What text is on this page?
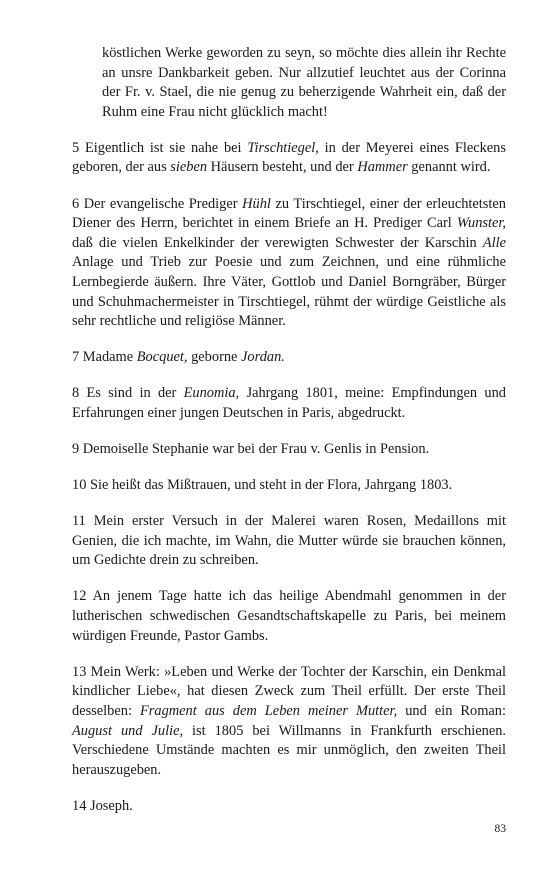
köstlichen Werke geworden zu seyn, so möchte dies allein ihr Rechte an unsre Dankbarkeit geben. Nur allzutief leuchtet aus der Corinna der Fr. v. Stael, die nie genug zu beherzigende Wahrheit ein, daß der Ruhm eine Frau nicht glücklich macht!

5 Eigentlich ist sie nahe bei Tirschtiegel, in der Meyerei eines Fleckens geboren, der aus sieben Häusern besteht, und der Hammer genannt wird.

6 Der evangelische Prediger Hühl zu Tirschtiegel, einer der erleuchtetsten Diener des Herrn, berichtet in einem Briefe an H. Prediger Carl Wunster, daß die vielen Enkelkinder der verewigten Schwester der Karschin Alle Anlage und Trieb zur Poesie und zum Zeichnen, und eine rühmliche Lernbegierde äußern. Ihre Väter, Gottlob und Daniel Borngräber, Bürger und Schuhmachermeister in Tirschtiegel, rühmt der würdige Geistliche als sehr rechtliche und religiöse Männer.

7 Madame Bocquet, geborne Jordan.

8 Es sind in der Eunomia, Jahrgang 1801, meine: Empfindungen und Erfahrungen einer jungen Deutschen in Paris, abgedruckt.

9 Demoiselle Stephanie war bei der Frau v. Genlis in Pension.

10 Sie heißt das Mißtrauen, und steht in der Flora, Jahrgang 1803.

11 Mein erster Versuch in der Malerei waren Rosen, Medaillons mit Genien, die ich machte, im Wahn, die Mutter würde sie brauchen können, um Gedichte drein zu schreiben.

12 An jenem Tage hatte ich das heilige Abendmahl genommen in der lutherischen schwedischen Gesandtschaftskapelle zu Paris, bei meinem würdigen Freunde, Pastor Gambs.

13 Mein Werk: »Leben und Werke der Tochter der Karschin, ein Denkmal kindlicher Liebe«, hat diesen Zweck zum Theil erfüllt. Der erste Theil desselben: Fragment aus dem Leben meiner Mutter, und ein Roman: August und Julie, ist 1805 bei Willmanns in Frankfurth erschienen. Verschiedene Umstände machten es mir unmöglich, den zweiten Theil herauszugeben.

14 Joseph.

83
